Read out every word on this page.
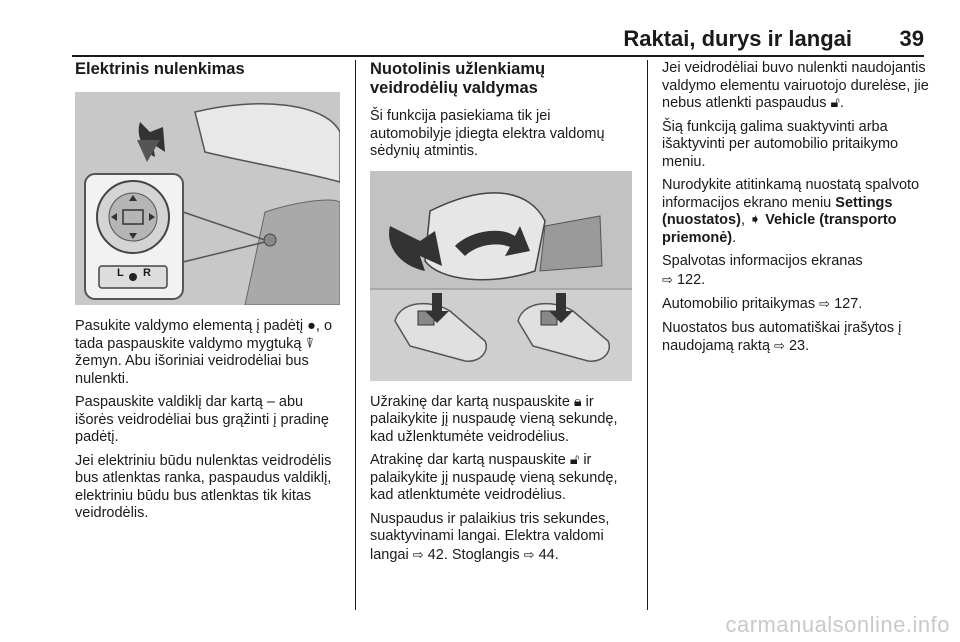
Raktai, durys ir langai 39
Elektrinis nulenkimas
L R

Pasukite valdymo elementą į padėtį ●, o tada paspauskite valdymo mygtuką ⍒ žemyn. Abu išoriniai veidrodėliai bus nulenkti.

Paspauskite valdiklį dar kartą – abu išorės veidrodėliai bus grąžinti į pradinę padėtį.

Jei elektriniu būdu nulenktas veidrodėlis bus atlenktas ranka, paspaudus valdiklį, elektriniu būdu bus atlenktas tik kitas veidrodėlis.

Nuotolinis užlenkiamų veidrodėlių valdymas

Ši funkcija pasiekiama tik jei automobilyje įdiegta elektra valdomų sėdynių atmintis.

Užrakinę dar kartą nuspauskite 🔒︎ ir palaikykite jį nuspaudę vieną sekundę, kad užlenktumėte veidrodėlius.

Atrakinę dar kartą nuspauskite 🔓︎ ir palaikykite jį nuspaudę vieną sekundę, kad atlenktumėte veidrodėlius.

Nuspaudus ir palaikius tris sekundes, suaktyvinami langai. Elektra valdomi langai ⇨ 42. Stoglangis ⇨ 44.

Jei veidrodėliai buvo nulenkti naudojantis valdymo elementu vairuotojo durelėse, jie nebus atlenkti paspaudus 🔓︎.

Šią funkciją galima suaktyvinti arba išaktyvinti per automobilio pritaikymo meniu.

Nurodykite atitinkamą nuostatą spalvoto informacijos ekrano meniu Settings (nuostatos), ➧ Vehicle (transporto priemonė).

Spalvotas informacijos ekranas
⇨ 122.

Automobilio pritaikymas ⇨ 127.

Nuostatos bus automatiškai įrašytos į naudojamą raktą ⇨ 23.

carmanualsonline.info
